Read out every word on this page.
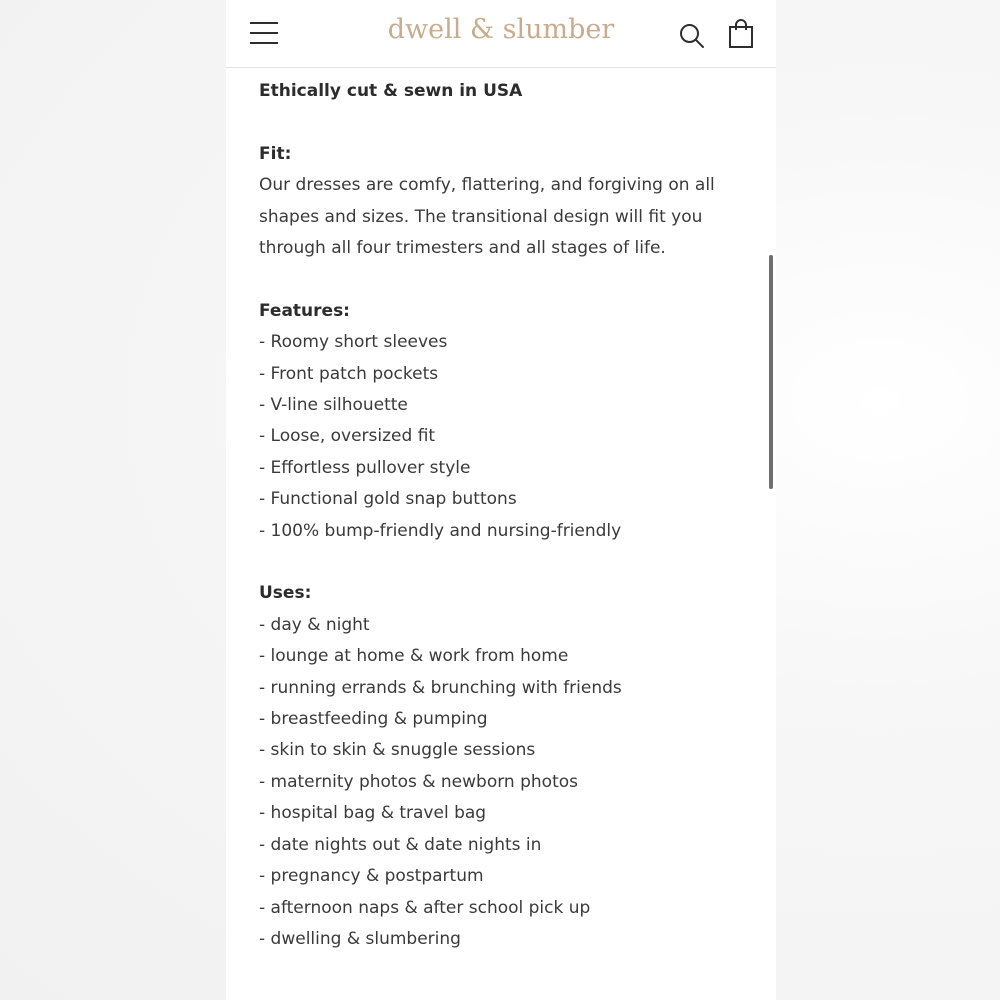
dwell & slumber
Ethically cut & sewn in USA
Fit:
Our dresses are comfy, flattering, and forgiving on all
shapes and sizes. The transitional design will fit you
through all four trimesters and all stages of life.
Features:
- Roomy short sleeves
- Front patch pockets
- V-line silhouette
- Loose, oversized fit
- Effortless pullover style
- Functional gold snap buttons
- 100% bump-friendly and nursing-friendly
Uses:
- day & night
- lounge at home & work from home
- running errands & brunching with friends
- breastfeeding & pumping
- skin to skin & snuggle sessions
- maternity photos & newborn photos
- hospital bag & travel bag
- date nights out & date nights in
- pregnancy & postpartum
- afternoon naps & after school pick up
- dwelling & slumbering
